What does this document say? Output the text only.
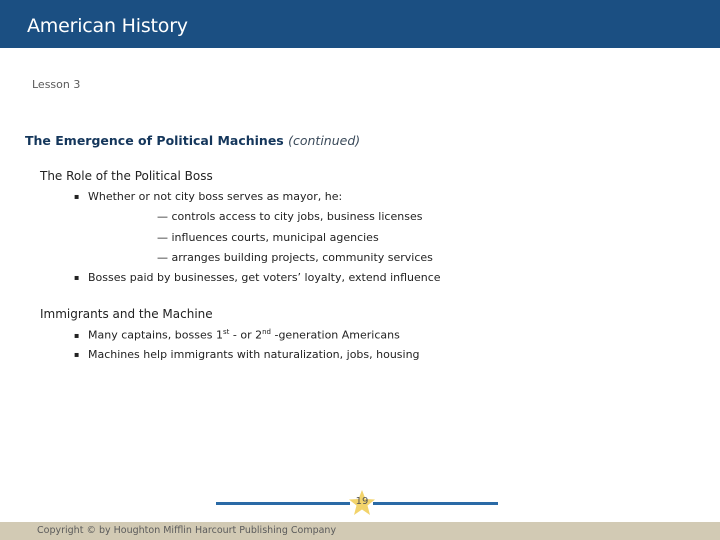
American History
Lesson 3
The Emergence of Political Machines (continued)
The Role of the Political Boss
▪ Whether or not city boss serves as mayor, he:
— controls access to city jobs, business licenses
— influences courts, municipal agencies
— arranges building projects, community services
▪ Bosses paid by businesses, get voters’ loyalty, extend influence
Immigrants and the Machine
▪ Many captains, bosses 1st - or 2nd -generation Americans
▪ Machines help immigrants with naturalization, jobs, housing
19
Copyright © by Houghton Mifflin Harcourt Publishing Company
